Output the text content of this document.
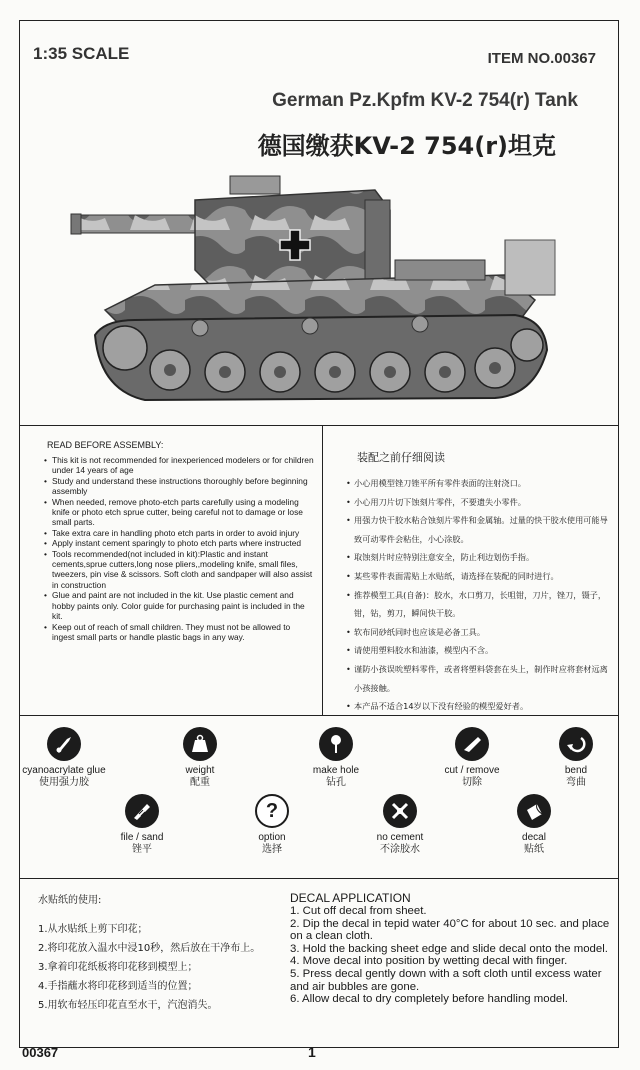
1:35 SCALE	ITEM NO.00367
German Pz.Kpfm KV-2 754(r) Tank
德国缴获KV-2 754(r)坦克
READ BEFORE ASSEMBLY:
• This kit is not recommended for inexperienced modelers or for children under 14 years of age
• Study and understand these instructions thoroughly before beginning assembly
• When needed, remove photo-etch parts carefully using a modeling knife or photo etch sprue cutter, being careful not to damage or lose small parts.
• Take extra care in handling photo etch parts in order to avoid injury
• Apply instant cement sparingly to photo etch parts where instructed
• Tools recommended(not included in kit):Plastic and instant cements,sprue cutters,long nose pliers,,modeling knife, small files, tweezers, pin vise & scissors. Soft cloth and sandpaper will also assist in construction
• Glue and paint are not included in the kit. Use plastic cement and hobby paints only. Color guide for purchasing paint is included in the kit.
• Keep out of reach of small children. They must not be allowed to ingest small parts or handle plastic bags in any way.
装配之前仔细阅读
• 小心用模型锉刀锉平所有零件表面的注射浇口。
• 小心用刀片切下蚀刻片零件，不要遗失小零件。
• 用强力快干胶水粘合蚀刻片零件和金属轴。过量的快干胶水使用可能导致可动零件会粘住，小心涂胶。
• 取蚀刻片时应特别注意安全，防止利边划伤手指。
• 某些零件表面需贴上水贴纸，请选择在装配的同时进行。
• 推荐模型工具(自备)：胶水，水口剪刀，长咀钳，刀片，锉刀，镊子，钳，钻，剪刀，瞬间快干胶。
• 软布同砂纸同时也应该是必备工具。
• 请使用塑料胶水和油漆，模型内不含。
• 谨防小孩误吮塑料零件，或者将塑料袋套在头上，制作时应将套材远离小孩接触。
• 本产品不适合14岁以下没有经验的模型爱好者。
cyanoacrylate glue
使用强力胶
weight
配重
make hole
钻孔
cut / remove
切除
bend
弯曲
file / sand
锉平
?
option
选择
no cement
不涂胶水
decal
贴纸
水贴纸的使用:
1.从水贴纸上剪下印花；
2.将印花放入温水中浸10秒，然后放在干净布上。
3.拿着印花纸板将印花移到模型上；
4.手指蘸水将印花移到适当的位置；
5.用软布轻压印花直至水干，汽泡消失。
DECAL APPLICATION
1. Cut off decal from sheet.
2. Dip the decal in tepid water 40°C for about 10 sec. and place on a clean cloth.
3. Hold the backing sheet edge and slide decal onto the model.
4. Move decal into position by wetting decal with finger.
5. Press decal gently down with a soft cloth until excess water and air bubbles are gone.
6. Allow decal to dry completely before handling model.
00367	1
